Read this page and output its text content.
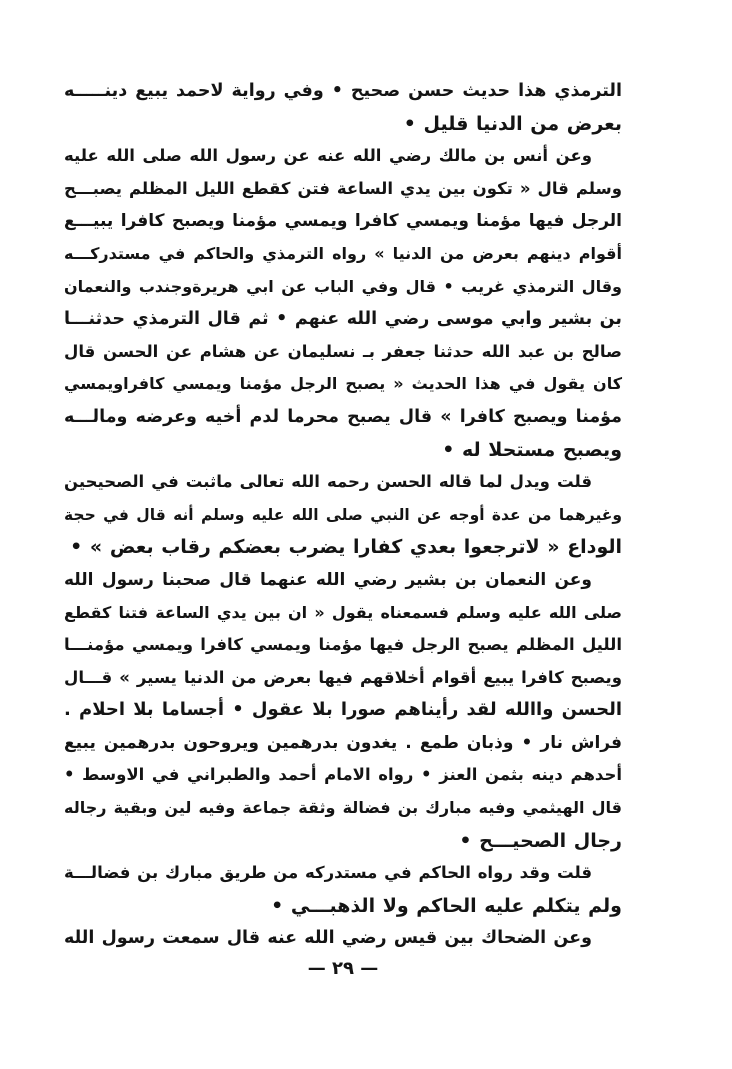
الترمذي هذا حديث حسن صحيح • وفي رواية لاحمد يبيع دينـــــه
بعرض من الدنيا قليل •
وعن أنس بن مالك رضي الله عنه عن رسول الله صلى الله عليه
وسلم قال « تكون بين يدي الساعة فتن كقطع الليل المظلم يصبـــح
الرجل فيها مؤمنا ويمسي كافرا ويمسي مؤمنا ويصبح كافرا يبيـــع
أقوام دينهم بعرض من الدنيا » رواه الترمذي والحاكم في مستدركـــه
وقال الترمذي غريب • قال وفي الباب عن ابي هريرةوجندب والنعمان
بن بشير وابي موسى رضي الله عنهم • ثم قال الترمذي حدثنـــا
صالح بن عبد الله حدثنا جعفر بـ نسليمان عن هشام عن الحسن قال
كان يقول في هذا الحديث « يصبح الرجل مؤمنا ويمسي كافراويمسي
مؤمنا ويصبح كافرا » قال يصبح محرما لدم أخيه وعرضه ومالـــه
ويصبح مستحلا له •
قلت ويدل لما قاله الحسن رحمه الله تعالى ماثبت في الصحيحين
وغيرهما من عدة أوجه عن النبي صلى الله عليه وسلم أنه قال في حجة
الوداع « لاترجعوا بعدي كفارا يضرب بعضكم رقاب بعض » •
وعن النعمان بن بشير رضي الله عنهما قال صحبنا رسول الله
صلى الله عليه وسلم فسمعناه يقول « ان بين يدي الساعة فتنا كقطع
الليل المظلم يصبح الرجل فيها مؤمنا ويمسي كافرا ويمسي مؤمنـــا
ويصبح كافرا يبيع أقوام أخلاقهم فيها بعرض من الدنيا يسير » قـــال
الحسن واالله لقد رأيناهم صورا بلا عقول • أجساما بلا احلام .
فراش نار • وذبان طمع . يغدون بدرهمين ويروحون بدرهمين يبيع
أحدهم دينه بثمن العنز • رواه الامام أحمد والطبراني في الاوسط •
قال الهيثمي وفيه مبارك بن فضالة وثقة جماعة وفيه لين وبقية رجاله
رجال الصحيـــح •
قلت وقد رواه الحاكم في مستدركه من طريق مبارك بن فضالـــة
ولم يتكلم عليه الحاكم ولا الذهبـــي •
وعن الضحاك بين قيس رضي الله عنه قال سمعت رسول الله
— ٢٩ —
